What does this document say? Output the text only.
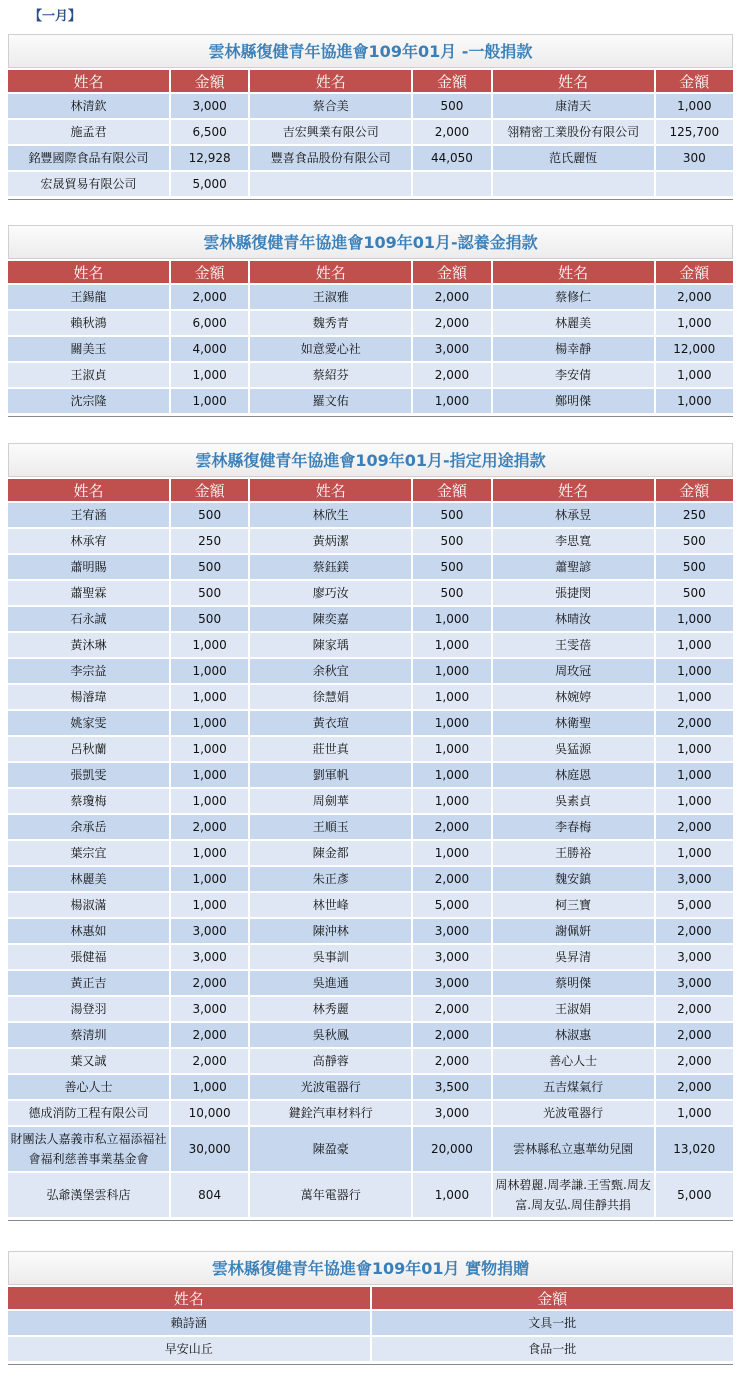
【一月】
雲林縣復健青年協進會109年01月 -一般捐款
姓名	金額	姓名	金額	姓名	金額
林清欽	3,000	蔡合美	500	康清天	1,000
施孟君	6,500	吉宏興業有限公司	2,000	翎精密工業股份有限公司	125,700
銘豐國際食品有限公司	12,928	豐喜食品股份有限公司	44,050	范氏麗恆	300
宏晟貿易有限公司	5,000				
雲林縣復健青年協進會109年01月-認養金捐款
姓名	金額	姓名	金額	姓名	金額
王錫龍	2,000	王淑雅	2,000	蔡修仁	2,000
賴秋鴻	6,000	魏秀青	2,000	林麗美	1,000
關美玉	4,000	如意愛心社	3,000	楊幸靜	12,000
王淑貞	1,000	蔡紹芬	2,000	李安倩	1,000
沈宗隆	1,000	羅文佑	1,000	鄭明傑	1,000
雲林縣復健青年協進會109年01月-指定用途捐款
姓名	金額	姓名	金額	姓名	金額
王宥涵	500	林欣生	500	林承昱	250
林承宥	250	黃炳潔	500	李思寬	500
蕭明賜	500	蔡鈺鎂	500	蕭聖諺	500
蕭聖霖	500	廖巧汝	500	張捷閔	500
石永誠	500	陳奕嘉	1,000	林晴汝	1,000
黃沐琳	1,000	陳家瑀	1,000	王雯蓓	1,000
李宗益	1,000	余秋宜	1,000	周玫冠	1,000
楊濬瑋	1,000	徐慧娟	1,000	林婉婷	1,000
姚家雯	1,000	黃衣瑄	1,000	林衛聖	2,000
呂秋蘭	1,000	莊世真	1,000	吳猛源	1,000
張凱雯	1,000	劉軍帆	1,000	林庭恩	1,000
蔡瓊梅	1,000	周劍華	1,000	吳素貞	1,000
余承岳	2,000	王順玉	2,000	李春梅	2,000
葉宗宜	1,000	陳金都	1,000	王勝裕	1,000
林麗美	1,000	朱正彥	2,000	魏安鎮	3,000
楊淑滿	1,000	林世峰	5,000	柯三寶	5,000
林惠如	3,000	陳沖林	3,000	謝佩姸	2,000
張健福	3,000	吳事訓	3,000	吳昇清	3,000
黃正吉	2,000	吳進通	3,000	蔡明傑	3,000
湯登羽	3,000	林秀麗	2,000	王淑娟	2,000
蔡清圳	2,000	吳秋鳳	2,000	林淑惠	2,000
葉又誠	2,000	高靜蓉	2,000	善心人士	2,000
善心人士	1,000	光波電器行	3,500	五吉煤氣行	2,000
德成消防工程有限公司	10,000	鍵銓汽車材料行	3,000	光波電器行	1,000
財團法人嘉義市私立福添福社會福利慈善事業基金會	30,000	陳盈豪	20,000	雲林縣私立惠華幼兒園	13,020
弘爺漢堡雲科店	804	萬年電器行	1,000	周林碧麗.周孝謙.王雪甄.周友富.周友弘.周佳靜共捐	5,000
雲林縣復健青年協進會109年01月 實物捐贈
姓名	金額
賴詩涵	文具一批
早安山丘	食品一批
